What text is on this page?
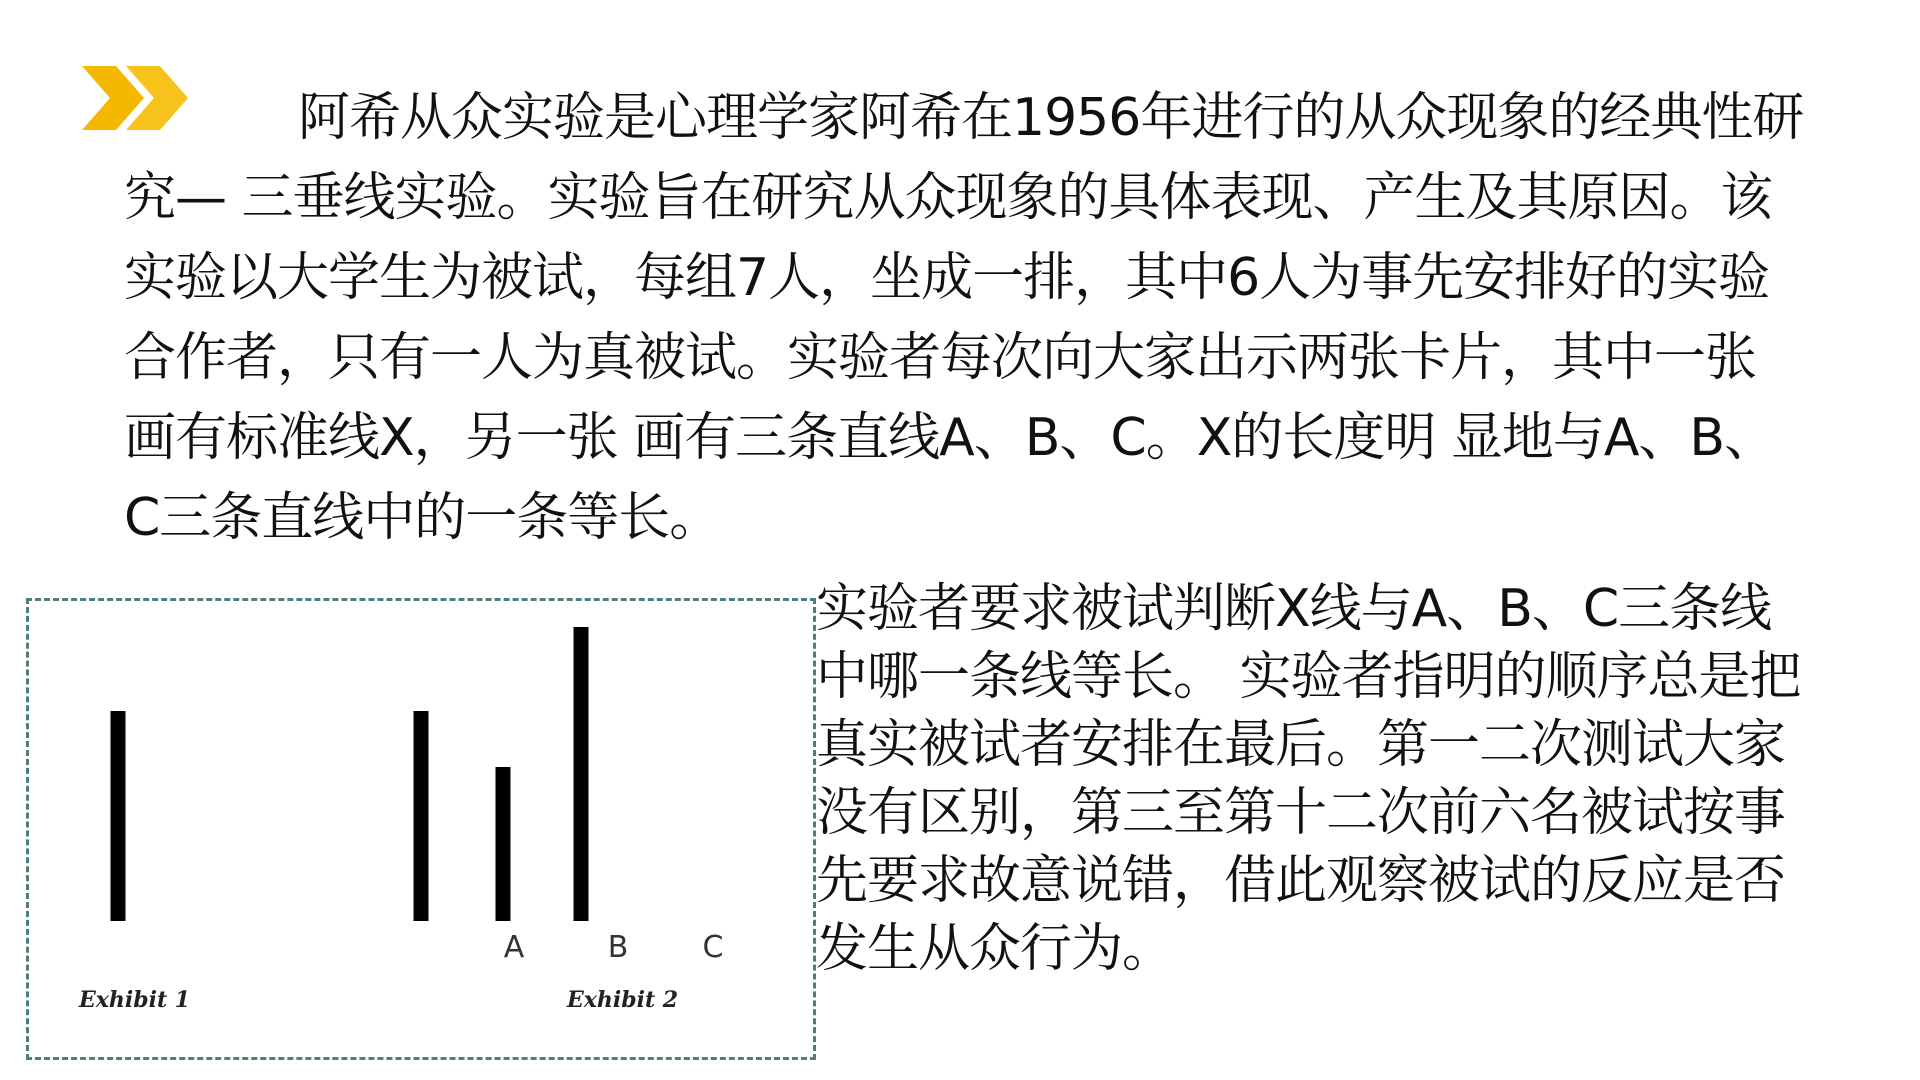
阿希从众实验是心理学家阿希在1956年进行的从众现象的经典性研究— 三垂线实验。实验旨在研究从众现象的具体表现、产生及其原因。该实验以大学生为被试，每组7人，坐成一排，其中6人为事先安排好的实验合作者，只有一人为真被试。实验者每次向大家出示两张卡片，其中一张画有标准线X，另一张 画有三条直线A、B、C。X的长度明 显地与A、B、C三条直线中的一条等长。

A	B C
Exhibit 1	Exhibit 2

实验者要求被试判断X线与A、B、C三条线中哪一条线等长。 实验者指明的顺序总是把真实被试者安排在最后。第一二次测试大家没有区别，第三至第十二次前六名被试按事先要求故意说错，借此观察被试的反应是否发生从众行为。
